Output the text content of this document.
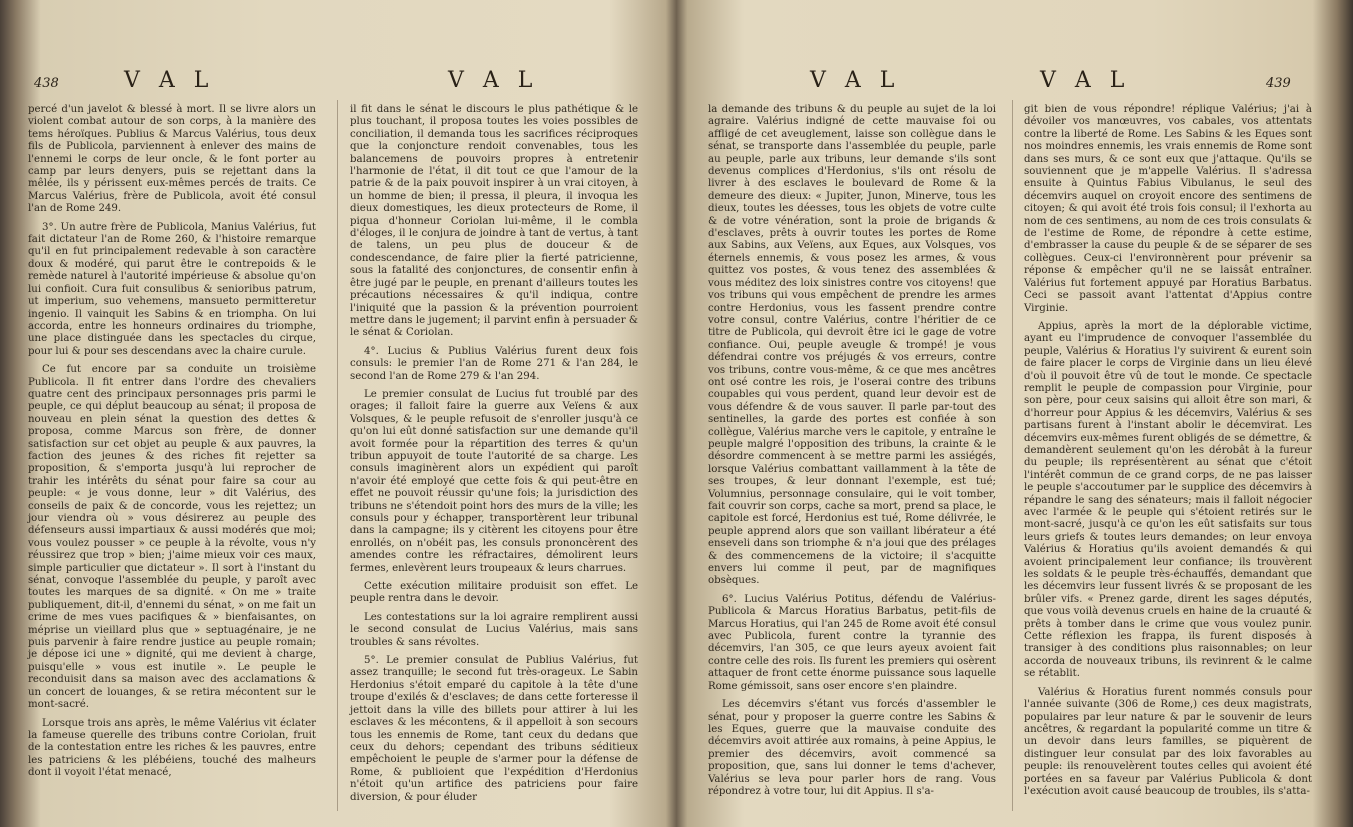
438	V A L	V A L

percé d'un javelot & blessé à mort. Il se livre alors un violent combat autour de son corps, à la manière des tems héroïques. Publius & Marcus Valérius, tous deux fils de Publicola, parviennent à enlever des mains de l'ennemi le corps de leur oncle, & le font porter au camp par leurs denyers, puis se rejettant dans la mêlée, ils y périssent eux-mêmes percés de traits. Ce Marcus Valérius, frère de Publicola, avoit été consul l'an de Rome 249.

3°. Un autre frère de Publicola, Manius Valérius, fut fait dictateur l'an de Rome 260, & l'histoire remarque qu'il en fut principalement redevable à son caractère doux & modéré, qui parut être le contrepoids & le remède naturel à l'autorité impérieuse & absolue qu'on lui confioit. Cura fuit consulibus & senioribus patrum, ut imperium, suo vehemens, mansueto permitteretur ingenio. Il vainquit les Sabins & en triompha. On lui accorda, entre les honneurs ordinaires du triomphe, une place distinguée dans les spectacles du cirque, pour lui & pour ses descendans avec la chaire curule.

Ce fut encore par sa conduite un troisième Publicola. Il fit entrer dans l'ordre des chevaliers quatre cent des principaux personnages pris parmi le peuple, ce qui déplut beaucoup au sénat; il proposa de nouveau en plein sénat la question des dettes & proposa, comme Marcus son frère, de donner satisfaction sur cet objet au peuple & aux pauvres, la faction des jeunes & des riches fit rejetter sa proposition, & s'emporta jusqu'à lui reprocher de trahir les intérêts du sénat pour faire sa cour au peuple: « je vous donne, leur » dit Valérius, des conseils de paix & de concorde, vous les rejettez; un jour viendra où » vous désirerez au peuple des défenseurs aussi impartiaux & aussi modérés que moi; vous voulez pousser » ce peuple à la révolte, vous n'y réussirez que trop » bien; j'aime mieux voir ces maux, simple particulier que dictateur ». Il sort à l'instant du sénat, convoque l'assemblée du peuple, y paroît avec toutes les marques de sa dignité. « On me » traite publiquement, dit-il, d'ennemi du sénat, » on me fait un crime de mes vues pacifiques & » bienfaisantes, on méprise un vieillard plus que » septuagénaire, je ne puis parvenir à faire rendre justice au peuple romain; je dépose ici une » dignité, qui me devient à charge, puisqu'elle » vous est inutile ». Le peuple le reconduisit dans sa maison avec des acclamations & un concert de louanges, & se retira mécontent sur le mont-sacré.

Lorsque trois ans après, le même Valérius vit éclater la fameuse querelle des tribuns contre Coriolan, fruit de la contestation entre les riches & les pauvres, entre les patriciens & les plébéiens, touché des malheurs dont il voyoit l'état menacé,

il fit dans le sénat le discours le plus pathétique & le plus touchant, il proposa toutes les voies possibles de conciliation, il demanda tous les sacrifices réciproques que la conjoncture rendoit convenables, tous les balancemens de pouvoirs propres à entretenir l'harmonie de l'état, il dit tout ce que l'amour de la patrie & de la paix pouvoit inspirer à un vrai citoyen, à un homme de bien; il pressa, il pleura, il invoqua les dieux domestiques, les dieux protecteurs de Rome, il piqua d'honneur Coriolan lui-même, il le combla d'éloges, il le conjura de joindre à tant de vertus, à tant de talens, un peu plus de douceur & de condescendance, de faire plier la fierté patricienne, sous la fatalité des conjonctures, de consentir enfin à être jugé par le peuple, en prenant d'ailleurs toutes les précautions nécessaires & qu'il indiqua, contre l'iniquité que la passion & la prévention pourroient mettre dans le jugement; il parvint enfin à persuader & le sénat & Coriolan.

4°. Lucius & Publius Valérius furent deux fois consuls: le premier l'an de Rome 271 & l'an 284, le second l'an de Rome 279 & l'an 294.

Le premier consulat de Lucius fut troublé par des orages; il falloit faire la guerre aux Veïens & aux Volsques, & le peuple refusoit de s'enroller jusqu'à ce qu'on lui eût donné satisfaction sur une demande qu'il avoit formée pour la répartition des terres & qu'un tribun appuyoit de toute l'autorité de sa charge. Les consuls imaginèrent alors un expédient qui paroît n'avoir été employé que cette fois & qui peut-être en effet ne pouvoit réussir qu'une fois; la jurisdiction des tribuns ne s'étendoit point hors des murs de la ville; les consuls pour y échapper, transportèrent leur tribunal dans la campagne; ils y citèrent les citoyens pour être enrollés, on n'obéit pas, les consuls prononcèrent des amendes contre les réfractaires, démolirent leurs fermes, enlevèrent leurs troupeaux & leurs charrues.

Cette exécution militaire produisit son effet. Le peuple rentra dans le devoir.

Les contestations sur la loi agraire remplirent aussi le second consulat de Lucius Valérius, mais sans troubles & sans révoltes.

5°. Le premier consulat de Publius Valérius, fut assez tranquille; le second fut très-orageux. Le Sabin Herdonius s'étoit emparé du capitole à la tête d'une troupe d'exilés & d'esclaves; de dans cette forteresse il jettoit dans la ville des billets pour attirer à lui les esclaves & les mécontens, & il appelloit à son secours tous les ennemis de Rome, tant ceux du dedans que ceux du dehors; cependant des tribuns séditieux empêchoient le peuple de s'armer pour la défense de Rome, & publioient que l'expédition d'Herdonius n'étoit qu'un artifice des patriciens pour faire diversion, & pour éluder

V A L	V A L	439

la demande des tribuns & du peuple au sujet de la loi agraire. Valérius indigné de cette mauvaise foi ou affligé de cet aveuglement, laisse son collègue dans le sénat, se transporte dans l'assemblée du peuple, parle au peuple, parle aux tribuns, leur demande s'ils sont devenus complices d'Herdonius, s'ils ont résolu de livrer à des esclaves le boulevard de Rome & la demeure des dieux: « Jupiter, Junon, Minerve, tous les dieux, toutes les déesses, tous les objets de votre culte & de votre vénération, sont la proie de brigands & d'esclaves, prêts à ouvrir toutes les portes de Rome aux Sabins, aux Veïens, aux Eques, aux Volsques, vos éternels ennemis, & vous posez les armes, & vous quittez vos postes, & vous tenez des assemblées & vous méditez des loix sinistres contre vos citoyens! que vos tribuns qui vous empêchent de prendre les armes contre Herdonius, vous les fassent prendre contre votre consul, contre Valérius, contre l'héritier de ce titre de Publicola, qui devroit être ici le gage de votre confiance. Oui, peuple aveugle & trompé! je vous défendrai contre vos préjugés & vos erreurs, contre vos tribuns, contre vous-même, & ce que mes ancêtres ont osé contre les rois, je l'oserai contre des tribuns coupables qui vous perdent, quand leur devoir est de vous défendre & de vous sauver. Il parle par-tout des sentinelles, la garde des portes est confiée à son collègue, Valérius marche vers le capitole, y entraîne le peuple malgré l'opposition des tribuns, la crainte & le désordre commencent à se mettre parmi les assiégés, lorsque Valérius combattant vaillamment à la tête de ses troupes, & leur donnant l'exemple, est tué; Volumnius, personnage consulaire, qui le voit tomber, fait couvrir son corps, cache sa mort, prend sa place, le capitole est forcé, Herdonius est tué, Rome délivrée, le peuple apprend alors que son vaillant libérateur a été enseveli dans son triomphe & n'a joui que des prélages & des commencemens de la victoire; il s'acquitte envers lui comme il peut, par de magnifiques obsèques.

6°. Lucius Valérius Potitus, défendu de Valérius-Publicola & Marcus Horatius Barbatus, petit-fils de Marcus Horatius, qui l'an 245 de Rome avoit été consul avec Publicola, furent contre la tyrannie des décemvirs, l'an 305, ce que leurs ayeux avoient fait contre celle des rois. Ils furent les premiers qui osèrent attaquer de front cette énorme puissance sous laquelle Rome gémissoit, sans oser encore s'en plaindre.

Les décemvirs s'étant vus forcés d'assembler le sénat, pour y proposer la guerre contre les Sabins & les Eques, guerre que la mauvaise conduite des décemvirs avoit attirée aux romains, à peine Appius, le premier des décemvirs, avoit commencé sa proposition, que, sans lui donner le tems d'achever, Valérius se leva pour parler hors de rang. Vous répondrez à votre tour, lui dit Appius. Il s'a-

git bien de vous répondre! réplique Valérius; j'ai à dévoiler vos manœuvres, vos cabales, vos attentats contre la liberté de Rome. Les Sabins & les Eques sont nos moindres ennemis, les vrais ennemis de Rome sont dans ses murs, & ce sont eux que j'attaque. Qu'ils se souviennent que je m'appelle Valérius. Il s'adressa ensuite à Quintus Fabius Vibulanus, le seul des décemvirs auquel on croyoit encore des sentimens de citoyen; & qui avoit été trois fois consul; il l'exhorta au nom de ces sentimens, au nom de ces trois consulats & de l'estime de Rome, de répondre à cette estime, d'embrasser la cause du peuple & de se séparer de ses collègues. Ceux-ci l'environnèrent pour prévenir sa réponse & empêcher qu'il ne se laissât entraîner. Valérius fut fortement appuyé par Horatius Barbatus. Ceci se passoit avant l'attentat d'Appius contre Virginie.

Appius, après la mort de la déplorable victime, ayant eu l'imprudence de convoquer l'assemblée du peuple, Valérius & Horatius l'y suivirent & eurent soin de faire placer le corps de Virginie dans un lieu élevé d'où il pouvoit être vû de tout le monde. Ce spectacle remplit le peuple de compassion pour Virginie, pour son père, pour ceux saisins qui alloit être son mari, & d'horreur pour Appius & les décemvirs, Valérius & ses partisans furent à l'instant abolir le décemvirat. Les décemvirs eux-mêmes furent obligés de se démettre, & demandèrent seulement qu'on les dérobât à la fureur du peuple; ils représentèrent au sénat que c'étoit l'intérêt commun de ce grand corps, de ne pas laisser le peuple s'accoutumer par le supplice des décemvirs à répandre le sang des sénateurs; mais il falloit négocier avec l'armée & le peuple qui s'étoient retirés sur le mont-sacré, jusqu'à ce qu'on les eût satisfaits sur tous leurs griefs & toutes leurs demandes; on leur envoya Valérius & Horatius qu'ils avoient demandés & qui avoient principalement leur confiance; ils trouvèrent les soldats & le peuple très-échauffés, demandant que les décemvirs leur fussent livrés & se proposant de les brûler vifs. « Prenez garde, dirent les sages députés, que vous voilà devenus cruels en haine de la cruauté & prêts à tomber dans le crime que vous voulez punir. Cette réflexion les frappa, ils furent disposés à transiger à des conditions plus raisonnables; on leur accorda de nouveaux tribuns, ils revinrent & le calme se rétablit.

Valérius & Horatius furent nommés consuls pour l'année suivante (306 de Rome,) ces deux magistrats, populaires par leur nature & par le souvenir de leurs ancêtres, & regardant la popularité comme un titre & un devoir dans leurs familles, se piquèrent de distinguer leur consulat par des loix favorables au peuple: ils renouvelèrent toutes celles qui avoient été portées en sa faveur par Valérius Publicola & dont l'exécution avoit causé beaucoup de troubles, ils s'atta-
